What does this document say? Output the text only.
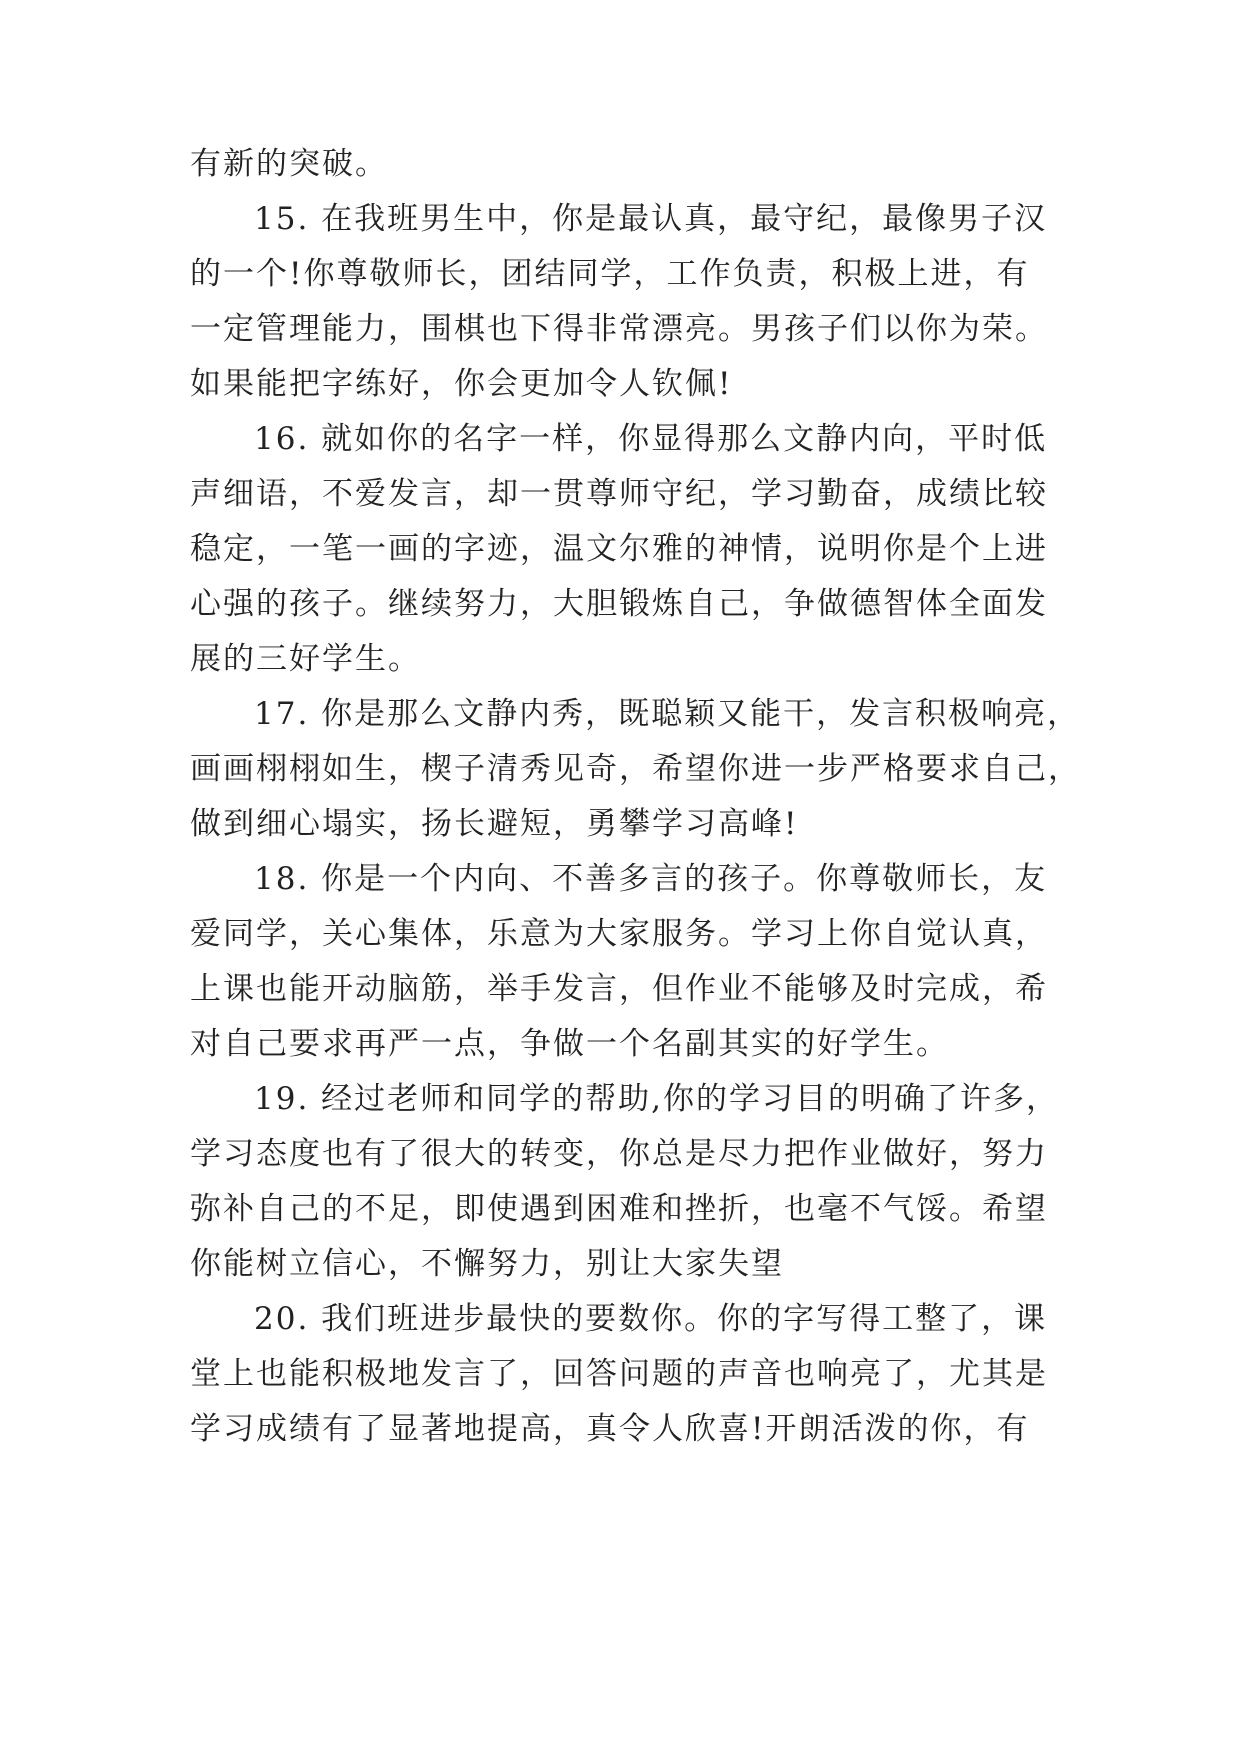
有新的突破。
15. 在我班男生中，你是最认真，最守纪，最像男子汉
的一个!你尊敬师长，团结同学，工作负责，积极上进，有
一定管理能力，围棋也下得非常漂亮。男孩子们以你为荣。
如果能把字练好，你会更加令人钦佩!
16. 就如你的名字一样，你显得那么文静内向，平时低
声细语，不爱发言，却一贯尊师守纪，学习勤奋，成绩比较
稳定，一笔一画的字迹，温文尔雅的神情，说明你是个上进
心强的孩子。继续努力，大胆锻炼自己，争做德智体全面发
展的三好学生。
17. 你是那么文静内秀，既聪颖又能干，发言积极响亮，
画画栩栩如生，楔子清秀见奇，希望你进一步严格要求自己，
做到细心塌实，扬长避短，勇攀学习高峰!
18. 你是一个内向、不善多言的孩子。你尊敬师长，友
爱同学，关心集体，乐意为大家服务。学习上你自觉认真，
上课也能开动脑筋，举手发言，但作业不能够及时完成，希
对自己要求再严一点，争做一个名副其实的好学生。
19. 经过老师和同学的帮助,你的学习目的明确了许多，
学习态度也有了很大的转变，你总是尽力把作业做好，努力
弥补自己的不足，即使遇到困难和挫折，也毫不气馁。希望
你能树立信心，不懈努力，别让大家失望
20. 我们班进步最快的要数你。你的字写得工整了，课
堂上也能积极地发言了，回答问题的声音也响亮了，尤其是
学习成绩有了显著地提高，真令人欣喜!开朗活泼的你，有
